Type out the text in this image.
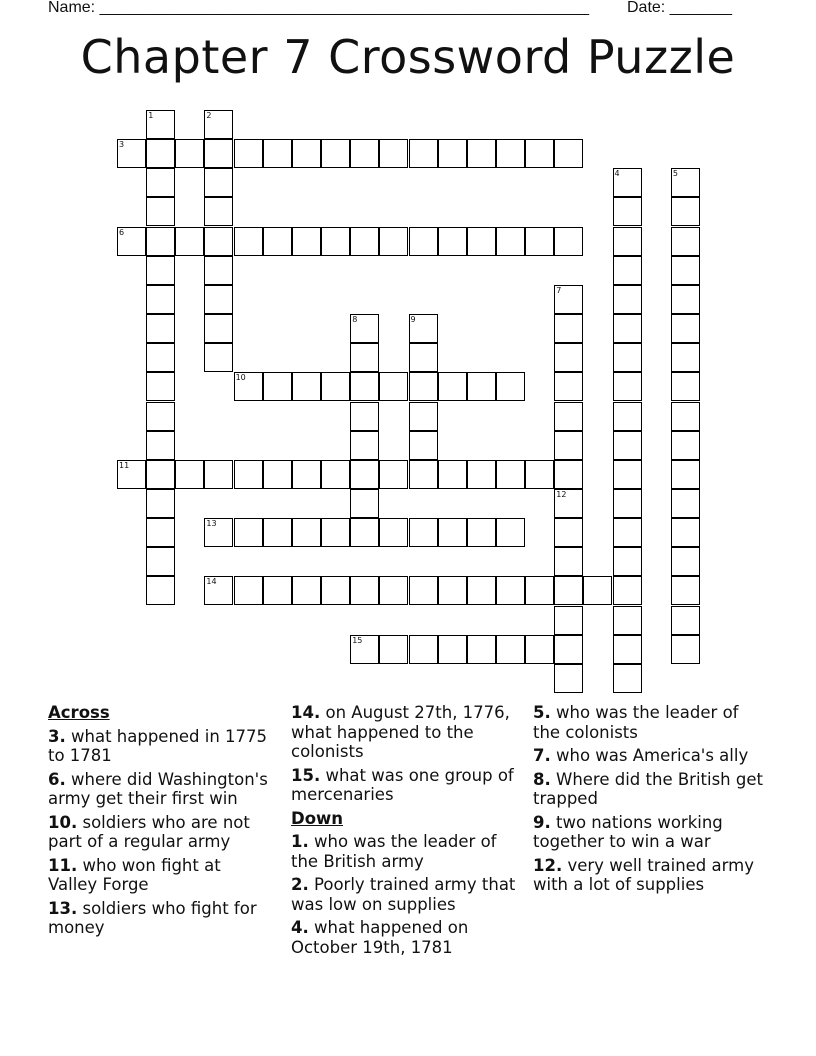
Name: _______________________________________________________ Date: _______
Chapter 7 Crossword Puzzle
1	2
3
4	5
6
7
8	9
10
11
12
13
14
15
Across
3. what happened in 1775 to 1781
6. where did Washington's army get their first win
10. soldiers who are not part of a regular army
11. who won fight at Valley Forge
13. soldiers who fight for money
14. on August 27th, 1776, what happened to the colonists
15. what was one group of mercenaries
Down
1. who was the leader of the British army
2. Poorly trained army that was low on supplies
4. what happened on October 19th, 1781
5. who was the leader of the colonists
7. who was America's ally
8. Where did the British get trapped
9. two nations working together to win a war
12. very well trained army with a lot of supplies
